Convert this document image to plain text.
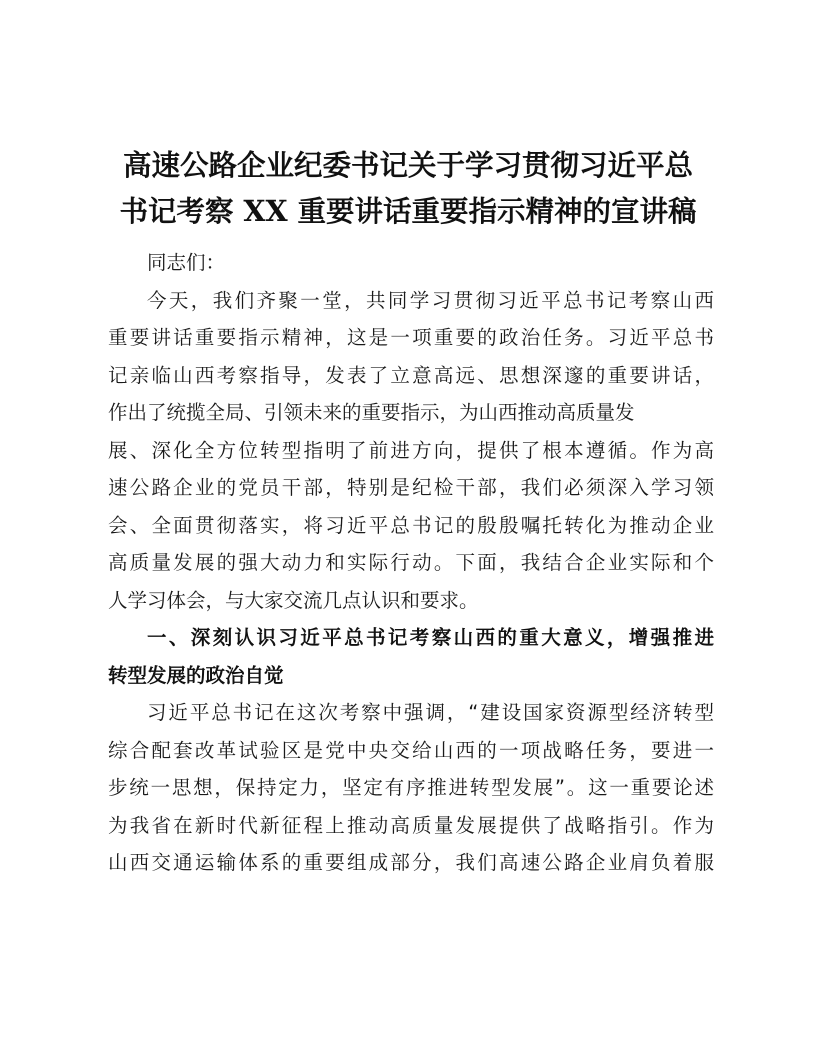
高速公路企业纪委书记关于学习贯彻习近平总
书记考察 XX 重要讲话重要指示精神的宣讲稿
同志们：
今天，我们齐聚一堂，共同学习贯彻习近平总书记考察山西
重要讲话重要指示精神，这是一项重要的政治任务。习近平总书
记亲临山西考察指导，发表了立意高远、思想深邃的重要讲话，
作出了统揽全局、引领未来的重要指示，为山西推动高质量发
展、深化全方位转型指明了前进方向，提供了根本遵循。作为高
速公路企业的党员干部，特别是纪检干部，我们必须深入学习领
会、全面贯彻落实，将习近平总书记的殷殷嘱托转化为推动企业
高质量发展的强大动力和实际行动。下面，我结合企业实际和个
人学习体会，与大家交流几点认识和要求。
一、深刻认识习近平总书记考察山西的重大意义，增强推进
转型发展的政治自觉
习近平总书记在这次考察中强调，“建设国家资源型经济转型
综合配套改革试验区是党中央交给山西的一项战略任务，要进一
步统一思想，保持定力，坚定有序推进转型发展”。这一重要论述
为我省在新时代新征程上推动高质量发展提供了战略指引。作为
山西交通运输体系的重要组成部分，我们高速公路企业肩负着服
